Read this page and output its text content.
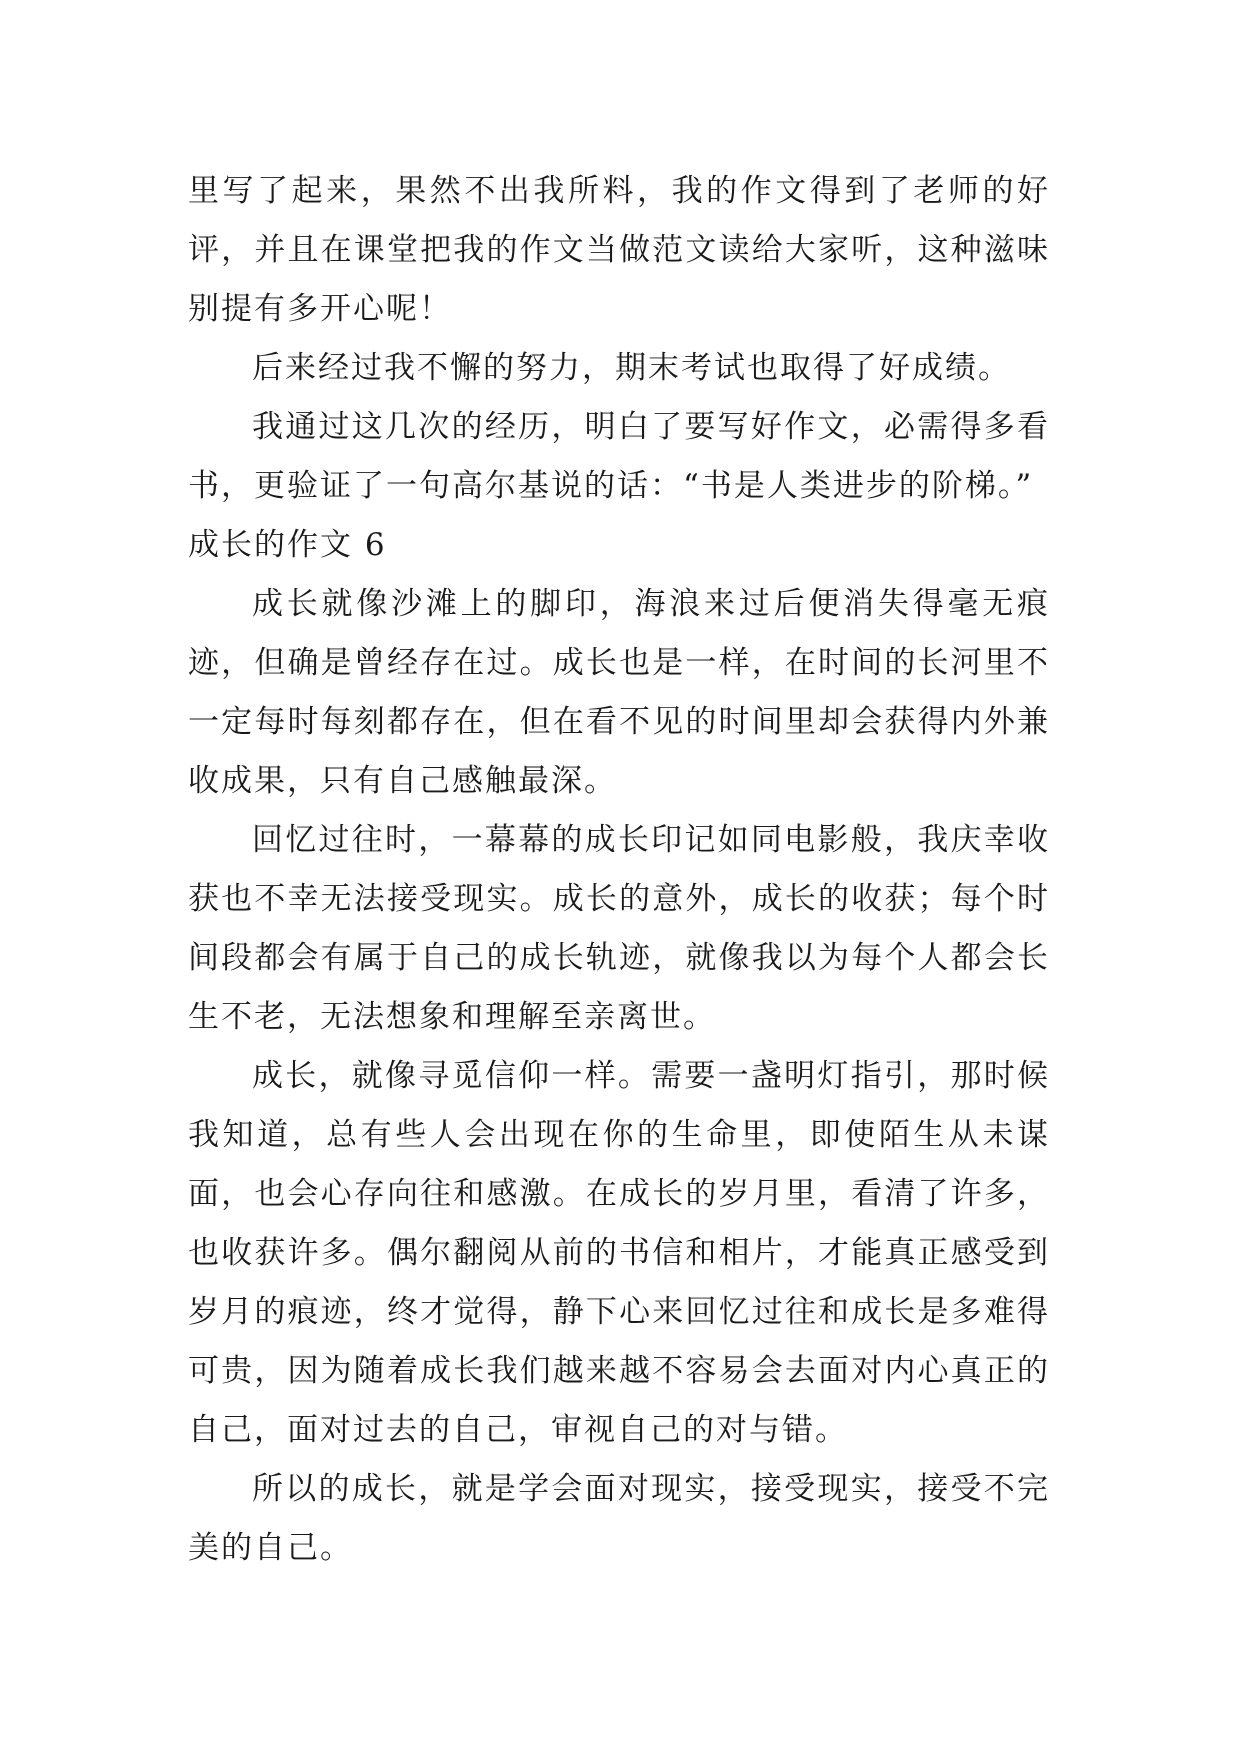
里写了起来，果然不出我所料，我的作文得到了老师的好评，并且在课堂把我的作文当做范文读给大家听，这种滋味别提有多开心呢！

后来经过我不懈的努力，期末考试也取得了好成绩。

我通过这几次的经历，明白了要写好作文，必需得多看书，更验证了一句高尔基说的话：“书是人类进步的阶梯。”

成长的作文 6

成长就像沙滩上的脚印，海浪来过后便消失得毫无痕迹，但确是曾经存在过。成长也是一样，在时间的长河里不一定每时每刻都存在，但在看不见的时间里却会获得内外兼收成果，只有自己感触最深。

回忆过往时，一幕幕的成长印记如同电影般，我庆幸收获也不幸无法接受现实。成长的意外，成长的收获；每个时间段都会有属于自己的成长轨迹，就像我以为每个人都会长生不老，无法想象和理解至亲离世。

成长，就像寻觅信仰一样。需要一盏明灯指引，那时候我知道，总有些人会出现在你的生命里，即使陌生从未谋面，也会心存向往和感激。在成长的岁月里，看清了许多，也收获许多。偶尔翻阅从前的书信和相片，才能真正感受到岁月的痕迹，终才觉得，静下心来回忆过往和成长是多难得可贵，因为随着成长我们越来越不容易会去面对内心真正的自己，面对过去的自己，审视自己的对与错。

所以的成长，就是学会面对现实，接受现实，接受不完美的自己。
